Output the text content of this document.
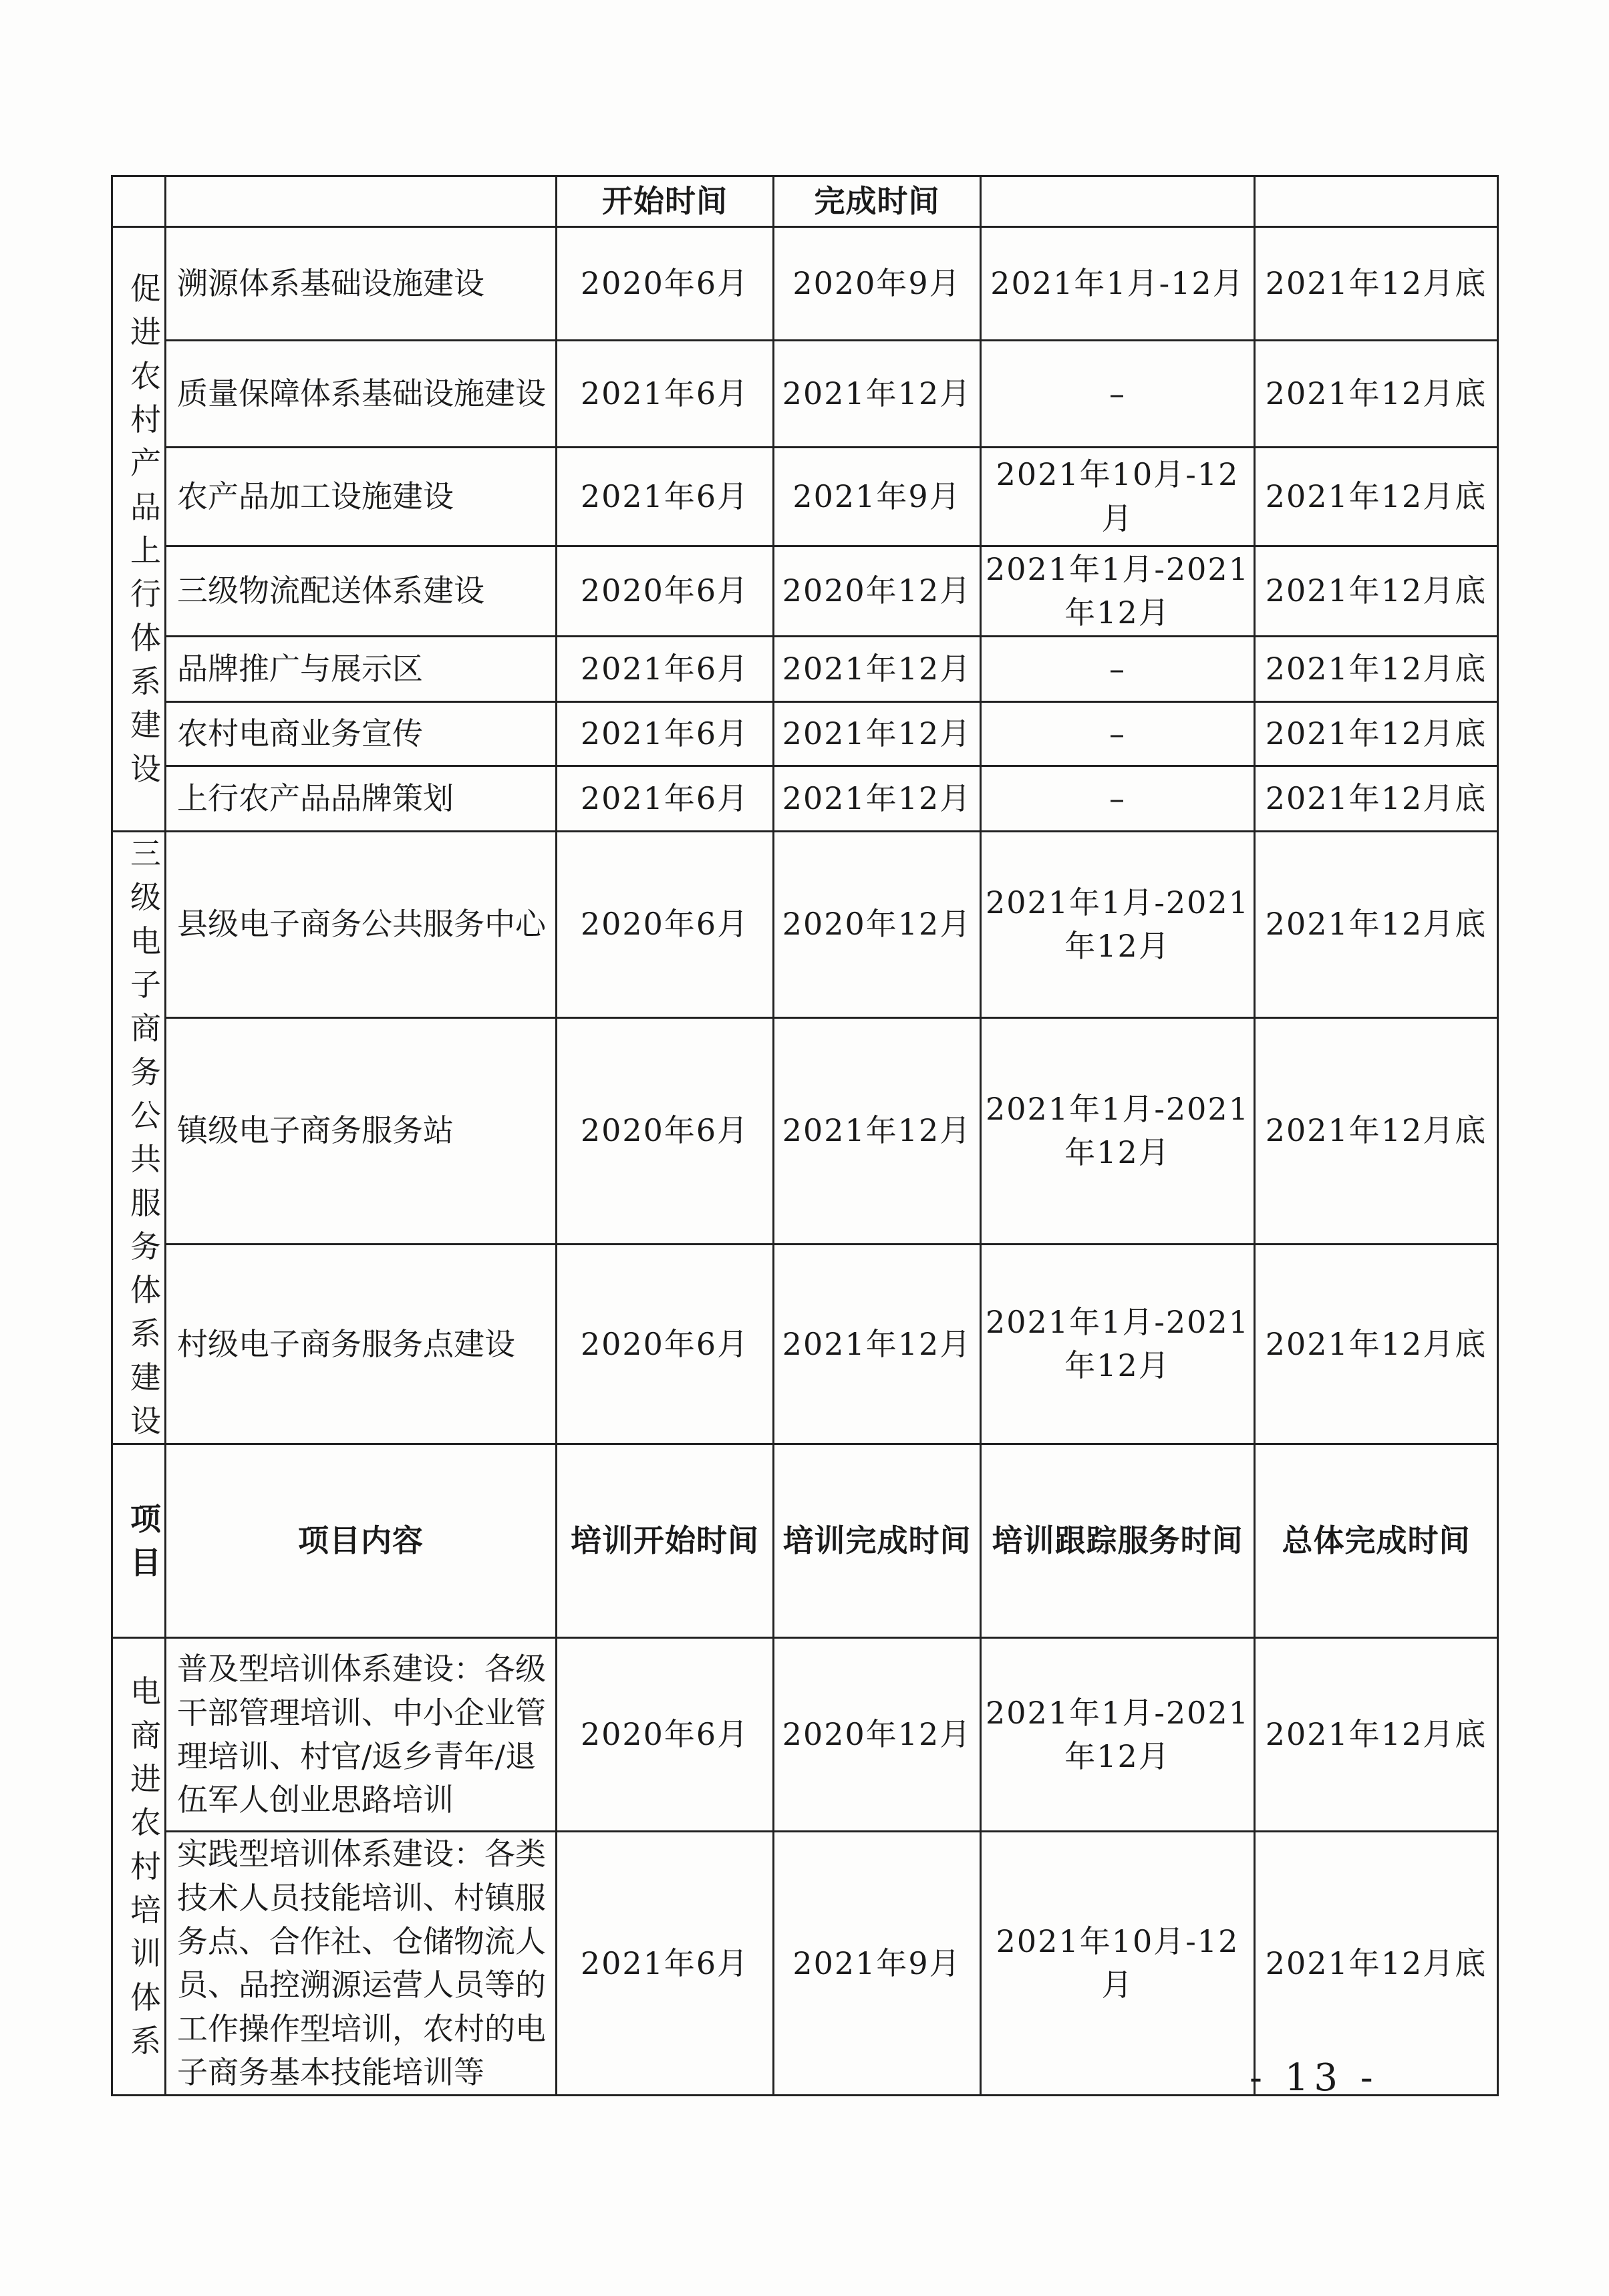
		开始时间	完成时间		
促进农村产品上行体系建设	溯源体系基础设施建设	2020年6月	2020年9月	2021年1月-12月	2021年12月底
	质量保障体系基础设施建设	2021年6月	2021年12月	–	2021年12月底
	农产品加工设施建设	2021年6月	2021年9月	2021年10月-12月	2021年12月底
	三级物流配送体系建设	2020年6月	2020年12月	2021年1月-2021年12月	2021年12月底
	品牌推广与展示区	2021年6月	2021年12月	–	2021年12月底
	农村电商业务宣传	2021年6月	2021年12月	–	2021年12月底
	上行农产品品牌策划	2021年6月	2021年12月	–	2021年12月底
三级电子商务公共服务体系建设	县级电子商务公共服务中心	2020年6月	2020年12月	2021年1月-2021年12月	2021年12月底
	镇级电子商务服务站	2020年6月	2021年12月	2021年1月-2021年12月	2021年12月底
	村级电子商务服务点建设	2020年6月	2021年12月	2021年1月-2021年12月	2021年12月底
项目	项目内容	培训开始时间	培训完成时间	培训跟踪服务时间	总体完成时间
电商进农村培训体系	普及型培训体系建设：各级干部管理培训、中小企业管理培训、村官/返乡青年/退伍军人创业思路培训	2020年6月	2020年12月	2021年1月-2021年12月	2021年12月底
	实践型培训体系建设：各类技术人员技能培训、村镇服务点、合作社、仓储物流人员、品控溯源运营人员等的工作操作型培训，农村的电子商务基本技能培训等	2021年6月	2021年9月	2021年10月-12月	2021年12月底
- 13 -
